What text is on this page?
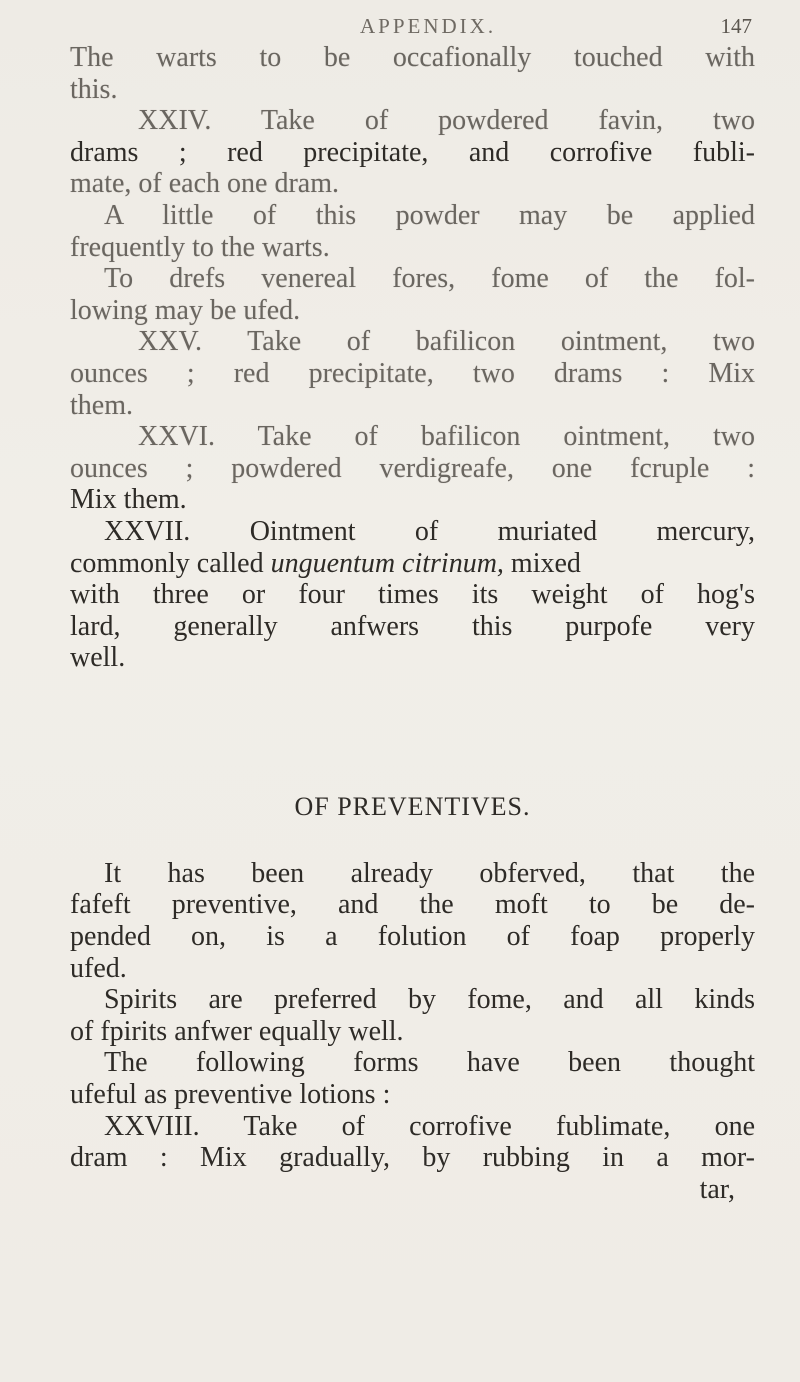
APPENDIX.	147
The warts to be occafionally touched with
this.
XXIV. Take of powdered favin, two
drams ; red precipitate, and corrofive fubli-
mate, of each one dram.
A little of this powder may be applied
frequently to the warts.
To drefs venereal fores, fome of the fol-
lowing may be ufed.
XXV. Take of bafilicon ointment, two
ounces ; red precipitate, two drams : Mix
them.
XXVI. Take of bafilicon ointment, two
ounces ; powdered verdigreafe, one fcruple :
Mix them.
XXVII. Ointment of muriated mercury,
commonly called unguentum citrinum, mixed
with three or four times its weight of hog's
lard, generally anfwers this purpofe very
well.
OF PREVENTIVES.
It has been already obferved, that the
fafeft preventive, and the moft to be de-
pended on, is a folution of foap properly
ufed.
Spirits are preferred by fome, and all kinds
of fpirits anfwer equally well.
The following forms have been thought
ufeful as preventive lotions :
XXVIII. Take of corrofive fublimate, one
dram : Mix gradually, by rubbing in a mor-
tar,
